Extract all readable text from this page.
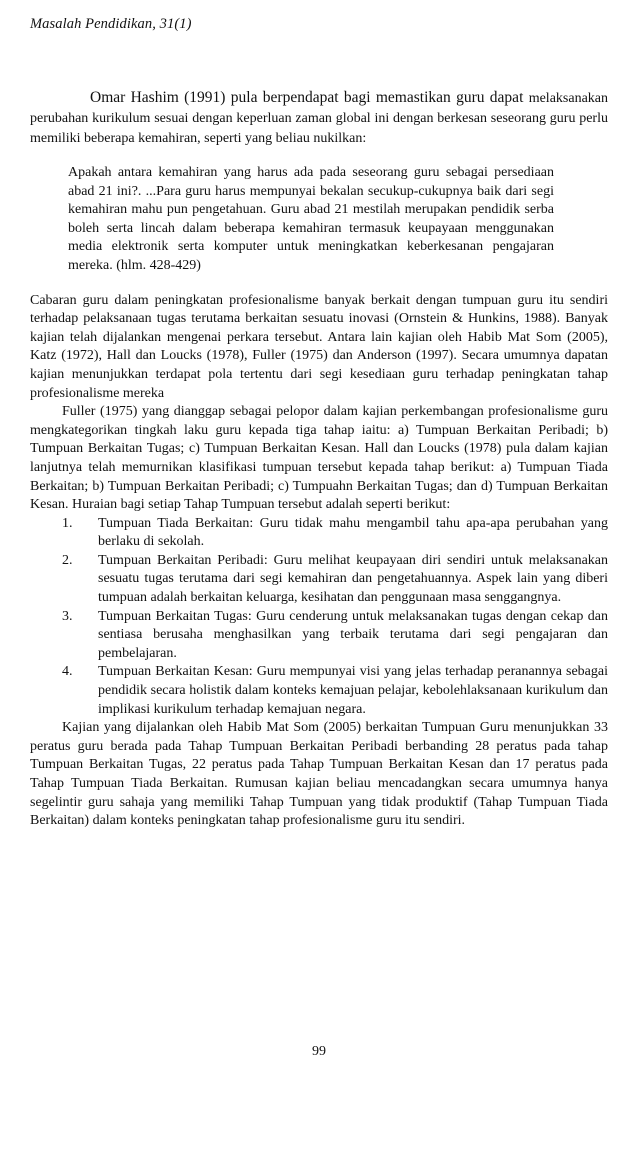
Masalah Pendidikan, 31(1)

Omar Hashim (1991) pula berpendapat bagi memastikan guru dapat melaksanakan perubahan kurikulum sesuai dengan keperluan zaman global ini dengan berkesan seseorang guru perlu memiliki beberapa kemahiran, seperti yang beliau nukilkan:

Apakah antara kemahiran yang harus ada pada seseorang guru sebagai persediaan abad 21 ini?. ...Para guru harus mempunyai bekalan secukup-cukupnya baik dari segi kemahiran mahu pun pengetahuan. Guru abad 21 mestilah merupakan pendidik serba boleh serta lincah dalam beberapa kemahiran termasuk keupayaan menggunakan media elektronik serta komputer untuk meningkatkan keberkesanan pengajaran mereka. (hlm. 428-429)

Cabaran guru dalam peningkatan profesionalisme banyak berkait dengan tumpuan guru itu sendiri terhadap pelaksanaan tugas terutama berkaitan sesuatu inovasi (Ornstein & Hunkins, 1988). Banyak kajian telah dijalankan mengenai perkara tersebut. Antara lain kajian oleh Habib Mat Som (2005), Katz (1972), Hall dan Loucks (1978), Fuller (1975) dan Anderson (1997). Secara umumnya dapatan kajian menunjukkan terdapat pola tertentu dari segi kesediaan guru terhadap peningkatan tahap profesionalisme mereka

Fuller (1975) yang dianggap sebagai pelopor dalam kajian perkembangan profesionalisme guru mengkategorikan tingkah laku guru kepada tiga tahap iaitu: a) Tumpuan Berkaitan Peribadi; b) Tumpuan Berkaitan Tugas; c) Tumpuan Berkaitan Kesan. Hall dan Loucks (1978) pula dalam kajian lanjutnya telah memurnikan klasifikasi tumpuan tersebut kepada tahap berikut: a) Tumpuan Tiada Berkaitan; b) Tumpuan Berkaitan Peribadi; c) Tumpuahn Berkaitan Tugas; dan d) Tumpuan Berkaitan Kesan. Huraian bagi setiap Tahap Tumpuan tersebut adalah seperti berikut:

1.	Tumpuan Tiada Berkaitan: Guru tidak mahu mengambil tahu apa-apa perubahan yang berlaku di sekolah.
2.	Tumpuan Berkaitan Peribadi: Guru melihat keupayaan diri sendiri untuk melaksanakan sesuatu tugas terutama dari segi kemahiran dan pengetahuannya. Aspek lain yang diberi tumpuan adalah berkaitan keluarga, kesihatan dan penggunaan masa senggangnya.
3.	Tumpuan Berkaitan Tugas: Guru cenderung untuk melaksanakan tugas dengan cekap dan sentiasa berusaha menghasilkan yang terbaik terutama dari segi pengajaran dan pembelajaran.
4.	Tumpuan Berkaitan Kesan: Guru mempunyai visi yang jelas terhadap peranannya sebagai pendidik secara holistik dalam konteks kemajuan pelajar, kebolehlaksanaan kurikulum dan implikasi kurikulum terhadap kemajuan negara.

Kajian yang dijalankan oleh Habib Mat Som (2005) berkaitan Tumpuan Guru menunjukkan 33 peratus guru berada pada Tahap Tumpuan Berkaitan Peribadi berbanding 28 peratus pada tahap Tumpuan Berkaitan Tugas, 22 peratus pada Tahap Tumpuan Berkaitan Kesan dan 17 peratus pada Tahap Tumpuan Tiada Berkaitan. Rumusan kajian beliau mencadangkan secara umumnya hanya segelintir guru sahaja yang memiliki Tahap Tumpuan yang tidak produktif (Tahap Tumpuan Tiada Berkaitan) dalam konteks peningkatan tahap profesionalisme guru itu sendiri.

99
